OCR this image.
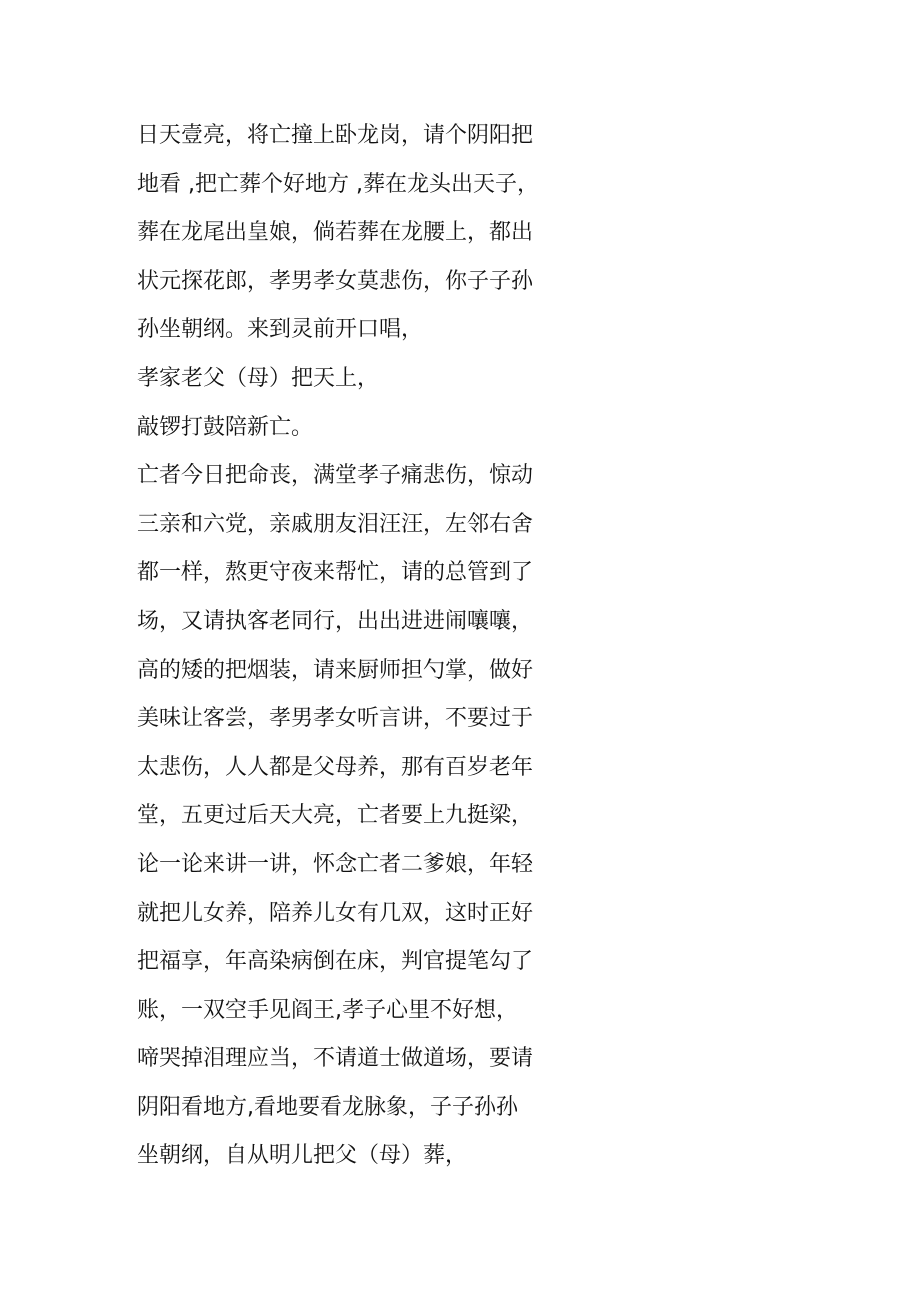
日天壹亮，将亡撞上卧龙岗，请个阴阳把
地看 ,把亡葬个好地方 ,葬在龙头出天子，
葬在龙尾出皇娘，倘若葬在龙腰上，都出
状元探花郎，孝男孝女莫悲伤，你子子孙
孙坐朝纲。来到灵前开口唱，
孝家老父（母）把天上，
敲锣打鼓陪新亡。
亡者今日把命丧，满堂孝子痛悲伤，惊动
三亲和六党，亲戚朋友泪汪汪，左邻右舍
都一样，熬更守夜来帮忙，请的总管到了
场，又请执客老同行，出出进进闹嚷嚷，
高的矮的把烟装，请来厨师担勺掌，做好
美味让客尝，孝男孝女听言讲，不要过于
太悲伤，人人都是父母养，那有百岁老年
堂，五更过后天大亮，亡者要上九挺梁，
论一论来讲一讲，怀念亡者二爹娘，年轻
就把儿女养，陪养儿女有几双，这时正好
把福享，年高染病倒在床，判官提笔勾了
账，一双空手见阎王,孝子心里不好想，
啼哭掉泪理应当，不请道士做道场，要请
阴阳看地方,看地要看龙脉象，子子孙孙
坐朝纲，自从明儿把父（母）葬，
